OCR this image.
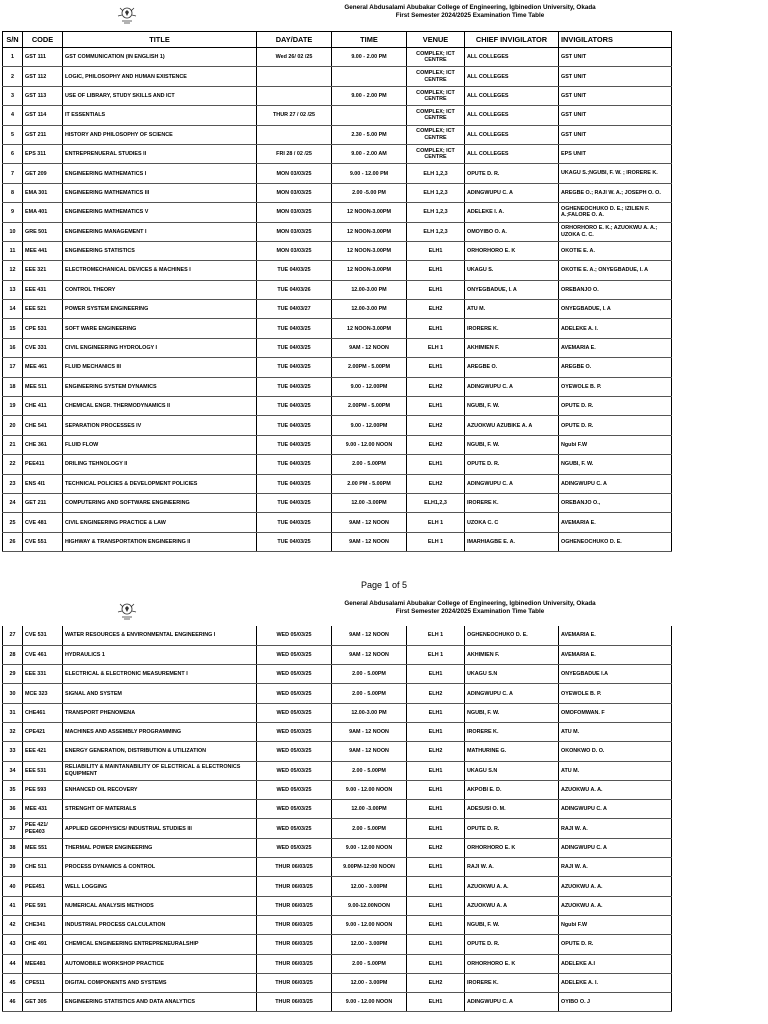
General Abdusalami Abubakar College of Engineering, Igbinedion University, Okada
First Semester 2024/2025 Examination Time Table
S/N	CODE	TITLE	DAY/DATE	TIME	VENUE	CHIEF INVIGILATOR	INVIGILATORS
1	GST 111	GST COMMUNICATION (IN ENGLISH 1)	Wed 26/ 02 /25	9.00 - 2.00 PM	COMPLEX; ICT CENTRE	ALL COLLEGES	GST UNIT
2	GST 112	LOGIC, PHILOSOPHY AND HUMAN EXISTENCE			COMPLEX; ICT CENTRE	ALL COLLEGES	GST UNIT
3	GST 113	USE OF LIBRARY, STUDY SKILLS AND ICT		9.00 - 2.00 PM	COMPLEX; ICT CENTRE	ALL COLLEGES	GST UNIT
4	GST 114	IT ESSENTIALS	THUR 27 / 02 /25		COMPLEX; ICT CENTRE	ALL COLLEGES	GST UNIT
5	GST 211	HISTORY AND PHILOSOPHY OF SCIENCE		2.30 - 5.00 PM	COMPLEX; ICT CENTRE	ALL COLLEGES	GST UNIT
6	EPS 311	ENTREPRENUERAL STUDIES II	FRI 28 / 02 /25	9.00 - 2.00 AM	COMPLEX; ICT CENTRE	ALL COLLEGES	EPS UNIT
7	GET 209	ENGINEERING MATHEMATICS I	MON 03/03/25	9.00 - 12.00 PM	ELH 1,2,3	OPUTE D. R.	UKAGU S.;NGUBI, F. W. ; IRORERE K.
8	EMA 301	ENGINEERING MATHEMATICS III	MON 03/03/25	2.00 -5.00 PM	ELH 1,2,3	ADINGWUPU C. A	AREGBE O.; RAJI W. A.; JOSEPH O. O.
9	EMA 401	ENGINEERING MATHEMATICS V	MON 03/03/25	12 NOON-3.00PM	ELH 1,2,3	ADELEKE I. A.	OGHENEOCHUKO D. E.; IZILIEN F. A.;FALORE O. A.
10	GRE 501	ENGINEERING MANAGEMENT I	MON 03/03/25	12 NOON-3.00PM	ELH 1,2,3	OMOYIBO O. A.	ORHORHORO E. K.; AZUOKWU A. A.; UZOKA C. C.
11	MEE 441	ENGINEERING STATISTICS	MON 03/03/25	12 NOON-3.00PM	ELH1	ORHORHORO E. K	OKOTIE E. A.
12	EEE 321	ELECTROMECHANICAL DEVICES & MACHINES I	TUE 04/03/25	12 NOON-3.00PM	ELH1	UKAGU S.	OKOTIE E. A.; ONYEGBADUE, I. A
13	EEE 431	CONTROL THEORY	TUE 04/03/26	12.00-3.00 PM	ELH1	ONYEGBADUE, I. A	OREBANJO O.
14	EEE 521	POWER SYSTEM ENGINEERING	TUE 04/03/27	12.00-3.00 PM	ELH2	ATU M.	ONYEGBADUE, I. A
15	CPE 531	SOFT WARE ENGINEERING	TUE 04/03/25	12 NOON-3.00PM	ELH1	IRORERE K.	ADELEKE A. I.
16	CVE 331	CIVIL ENGINEERING HYDROLOGY I	TUE 04/03/25	9AM - 12 NOON	ELH 1	AKHIMIEN F.	AVEMARIA E.
17	MEE 461	FLUID MECHANICS III	TUE 04/03/25	2.00PM - 5.00PM	ELH1	AREGBE O.	AREGBE O.
18	MEE 511	ENGINEERING SYSTEM DYNAMICS	TUE 04/03/25	9.00 - 12.00PM	ELH2	ADINGWUPU C. A	OYEWOLE B. P.
19	CHE 411	CHEMICAL ENGR. THERMODYNAMICS II	TUE 04/03/25	2.00PM - 5.00PM	ELH1	NGUBI, F. W.	OPUTE D. R.
20	CHE 541	SEPARATION PROCESSES IV	TUE 04/03/25	9.00 - 12.00PM	ELH2	AZUOKWU AZUBIKE A. A	OPUTE D. R.
21	CHE 361	FLUID FLOW	TUE 04/03/25	9.00 - 12.00 NOON	ELH2	NGUBI, F. W.	Ngubi F.W
22	PEE411	DRILING TEHNOLOGY II	TUE 04/03/25	2.00 - 5.00PM	ELH1	OPUTE D. R.	NGUBI, F. W.
23	ENS 4I1	TECHNICAL POLICIES & DEVELOPMENT POLICIES	TUE 04/03/25	2.00 PM - 5.00PM	ELH2	ADINGWUPU C. A	ADINGWUPU C. A
24	GET 211	COMPUTERING AND SOFTWARE ENGINEERING	TUE 04/03/25	12.00 -3.00PM	ELH1,2,3	IRORERE K.	OREBANJO O.,
25	CVE 481	CIVIL ENGINEERING PRACTICE & LAW	TUE 04/03/25	9AM - 12 NOON	ELH 1	UZOKA C. C	AVEMARIA E.
26	CVE 551	HIGHWAY & TRANSPORTATION ENGINEERING II	TUE 04/03/25	9AM - 12 NOON	ELH 1	IMARHIAGBE E. A.	OGHENEOCHUKO D. E.
Page 1 of 5
General Abdusalami Abubakar College of Engineering, Igbinedion University, Okada
First Semester 2024/2025 Examination Time Table
27	CVE 531	WATER RESOURCES & ENVIRONMENTAL ENGINEERING I	WED 05/03/25	9AM - 12 NOON	ELH 1	OGHENEOCHUKO D. E.	AVEMARIA E.
28	CVE 461	HYDRAULICS 1	WED 05/03/25	9AM - 12 NOON	ELH 1	AKHIMIEN F.	AVEMARIA E.
29	EEE 331	ELECTRICAL & ELECTRONIC MEASUREMENT I	WED 05/03/25	2.00 - 5.00PM	ELH1	UKAGU S.N	ONYEGBADUE I.A
30	MCE 323	SIGNAL AND SYSTEM	WED 05/03/25	2.00 - 5.00PM	ELH2	ADINGWUPU C. A	OYEWOLE B. P.
31	CHE461	TRANSPORT PHENOMENA	WED 05/03/25	12.00-3.00 PM	ELH1	NGUBI, F. W.	OMOFOMWAN. F
32	CPE421	MACHINES AND ASSEMBLY PROGRAMMING	WED 05/03/25	9AM - 12 NOON	ELH1	IRORERE K.	ATU M.
33	EEE 421	ENERGY GENERATION, DISTRIBUTION & UTILIZATION	WED 05/03/25	9AM - 12 NOON	ELH2	MATHURINE G.	OKONKWO D. O.
34	EEE 531	RELIABILITY & MAINTANABILITY OF ELECTRICAL & ELECTRONICS EQUIPMENT	WED 05/03/25	2.00 - 5.00PM	ELH1	UKAGU S.N	ATU M.
35	PEE 593	ENHANCED OIL RECOVERY	WED 05/03/25	9.00 - 12.00 NOON	ELH1	AKPOBI E. D.	AZUOKWU A. A.
36	MEE 431	STRENGHT OF MATERIALS	WED 05/03/25	12.00 -3.00PM	ELH1	ADESUSI O. M.	ADINGWUPU C. A
37	PEE 421/ PEE403	APPLIED GEOPHYSICS/ INDUSTRIAL STUDIES III	WED 05/03/25	2.00 - 5.00PM	ELH1	OPUTE D. R.	RAJI W. A.
38	MEE 551	THERMAL POWER ENGINEERING	WED 05/03/25	9.00 - 12.00 NOON	ELH2	ORHORHORO E. K	ADINGWUPU C. A
39	CHE 511	PROCESS DYNAMICS & CONTROL	THUR 06/03/25	9.00PM-12:00 NOON	ELH1	RAJI W. A.	RAJI W. A.
40	PEE451	WELL LOGGING	THUR 06/03/25	12.00 - 3.00PM	ELH1	AZUOKWU A. A.	AZUOKWU A. A.
41	PEE 591	NUMERICAL ANALYSIS METHODS	THUR 06/03/25	9.00-12.00NOON	ELH1	AZUOKWU A. A	AZUOKWU A. A.
42	CHE341	INDUSTRIAL PROCESS CALCULATION	THUR 06/03/25	9.00 - 12.00 NOON	ELH1	NGUBI, F. W.	Ngubi F.W
43	CHE 491	CHEMICAL ENGINEERING ENTREPRENEURALSHIP	THUR 06/03/25	12.00 - 3.00PM	ELH1	OPUTE D. R.	OPUTE D. R.
44	MEE481	AUTOMOBILE WORKSHOP PRACTICE	THUR 06/03/25	2.00 - 5.00PM	ELH1	ORHORHORO E. K	ADELEKE A.I
45	CPE511	DIGITAL COMPONENTS AND SYSTEMS	THUR 06/03/25	12.00 - 3.00PM	ELH2	IRORERE K.	ADELEKE A. I.
46	GET 305	ENGINEERING STATISTICS AND DATA ANALYTICS	THUR 06/03/25	9.00 - 12.00 NOON	ELH1	ADINGWUPU C. A	OYIBO O. J
